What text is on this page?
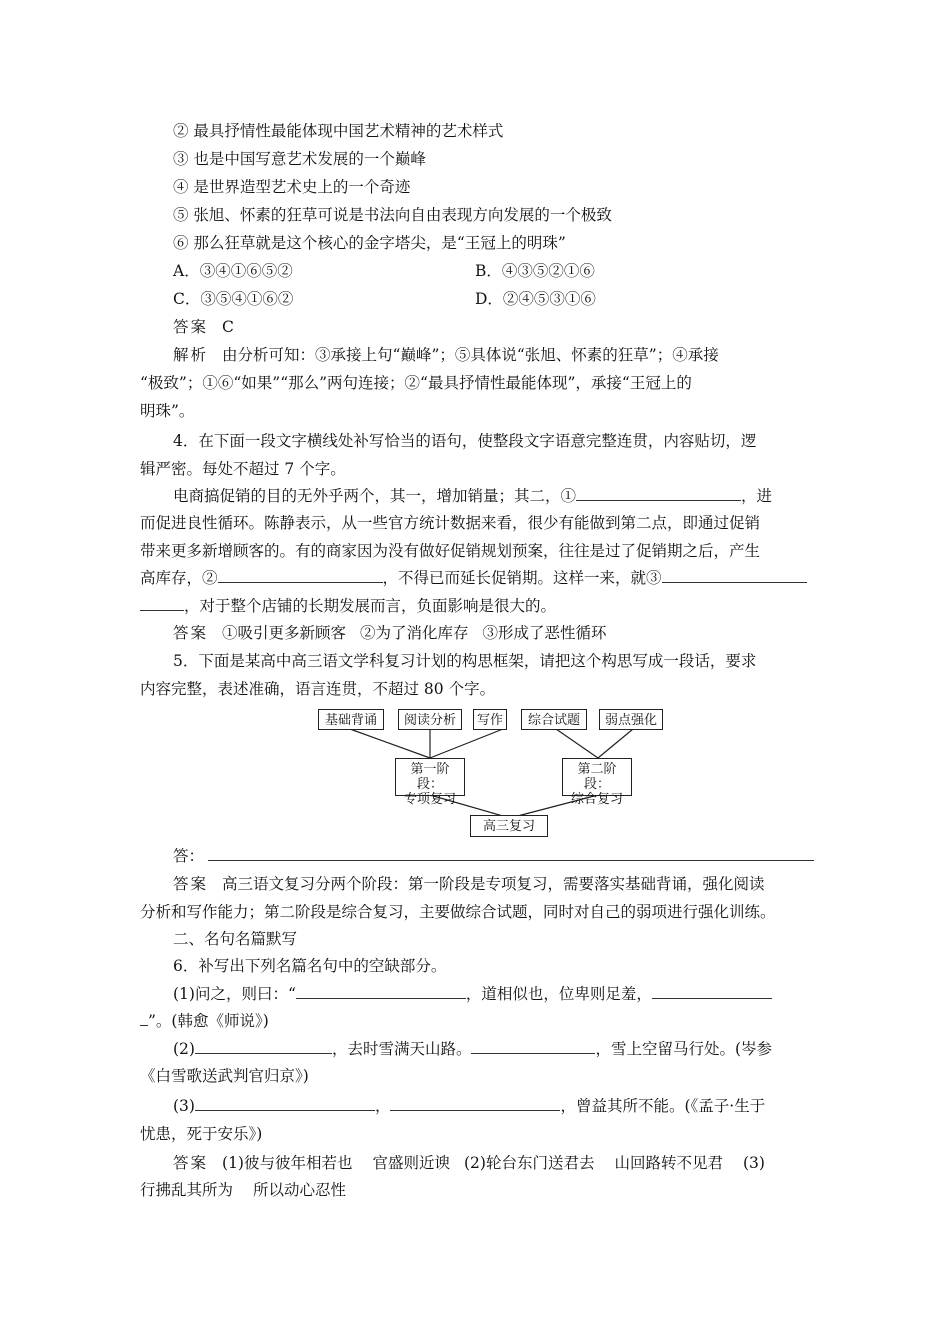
② 最具抒情性最能体现中国艺术精神的艺术样式
③ 也是中国写意艺术发展的一个巅峰
④ 是世界造型艺术史上的一个奇迹
⑤ 张旭、怀素的狂草可说是书法向自由表现方向发展的一个极致
⑥ 那么狂草就是这个核心的金字塔尖，是“王冠上的明珠”
A．③④①⑥⑤②	B．④③⑤②①⑥
C．③⑤④①⑥②	D．②④⑤③①⑥
答案 C
解析 由分析可知：③承接上句“巅峰”；⑤具体说“张旭、怀素的狂草”；④承接
“极致”；①⑥“如果”“那么”两句连接；②“最具抒情性最能体现”，承接“王冠上的
明珠”。
4．在下面一段文字横线处补写恰当的语句，使整段文字语意完整连贯，内容贴切，逻
辑严密。每处不超过 7 个字。
电商搞促销的目的无外乎两个，其一，增加销量；其二，①	，进
而促进良性循环。陈静表示，从一些官方统计数据来看，很少有能做到第二点，即通过促销
带来更多新增顾客的。有的商家因为没有做好促销规划预案，往往是过了促销期之后，产生
高库存，②	，不得已而延长促销期。这样一来，就③
，对于整个店铺的长期发展而言，负面影响是很大的。
答案 ①吸引更多新顾客 ②为了消化库存 ③形成了恶性循环
5．下面是某高中高三语文学科复习计划的构思框架，请把这个构思写成一段话，要求
内容完整，表述准确，语言连贯，不超过 80 个字。
基础背诵	阅读分析	写作	综合试题	弱点强化
第一阶段：
专项复习
第二阶段：
综合复习
高三复习
答：
答案 高三语文复习分两个阶段：第一阶段是专项复习，需要落实基础背诵，强化阅读
分析和写作能力；第二阶段是综合复习，主要做综合试题，同时对自己的弱项进行强化训练。
二、名句名篇默写
6．补写出下列名篇名句中的空缺部分。
(1)问之，则曰：“	，道相似也，位卑则足羞，
”。(韩愈《师说》)
(2)	，去时雪满天山路。	，雪上空留马行处。(岑参
《白雪歌送武判官归京》)
(3)	，	，曾益其所不能。(《孟子·生于
忧患，死于安乐》)
答案 (1)彼与彼年相若也 官盛则近谀 (2)轮台东门送君去 山回路转不见君 (3)
行拂乱其所为 所以动心忍性
